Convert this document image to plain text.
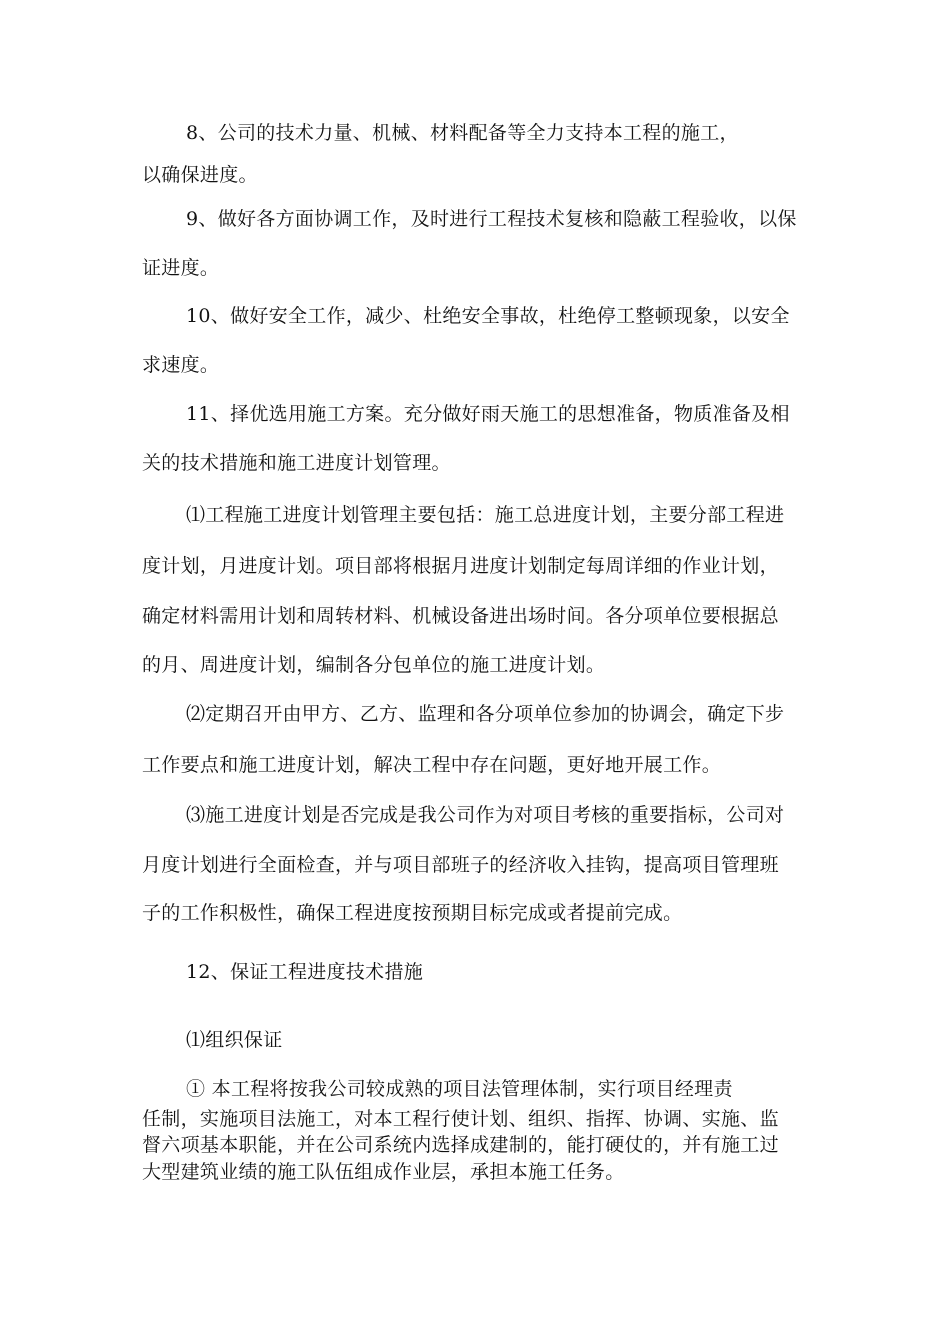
8、公司的技术力量、机械、材料配备等全力支持本工程的施工，
以确保进度。
9、做好各方面协调工作，及时进行工程技术复核和隐蔽工程验收，以保
证进度。
10、做好安全工作，减少、杜绝安全事故，杜绝停工整顿现象，以安全
求速度。
11、择优选用施工方案。充分做好雨天施工的思想准备，物质准备及相
关的技术措施和施工进度计划管理。
⑴工程施工进度计划管理主要包括：施工总进度计划，主要分部工程进
度计划，月进度计划。项目部将根据月进度计划制定每周详细的作业计划，
确定材料需用计划和周转材料、机械设备进出场时间。各分项单位要根据总
的月、周进度计划，编制各分包单位的施工进度计划。
⑵定期召开由甲方、乙方、监理和各分项单位参加的协调会，确定下步
工作要点和施工进度计划，解决工程中存在问题，更好地开展工作。
⑶施工进度计划是否完成是我公司作为对项目考核的重要指标，公司对
月度计划进行全面检查，并与项目部班子的经济收入挂钩，提高项目管理班
子的工作积极性，确保工程进度按预期目标完成或者提前完成。
12、保证工程进度技术措施
⑴组织保证
① 本工程将按我公司较成熟的项目法管理体制，实行项目经理责
任制，实施项目法施工，对本工程行使计划、组织、指挥、协调、实施、监
督六项基本职能，并在公司系统内选择成建制的，能打硬仗的，并有施工过
大型建筑业绩的施工队伍组成作业层，承担本施工任务。
